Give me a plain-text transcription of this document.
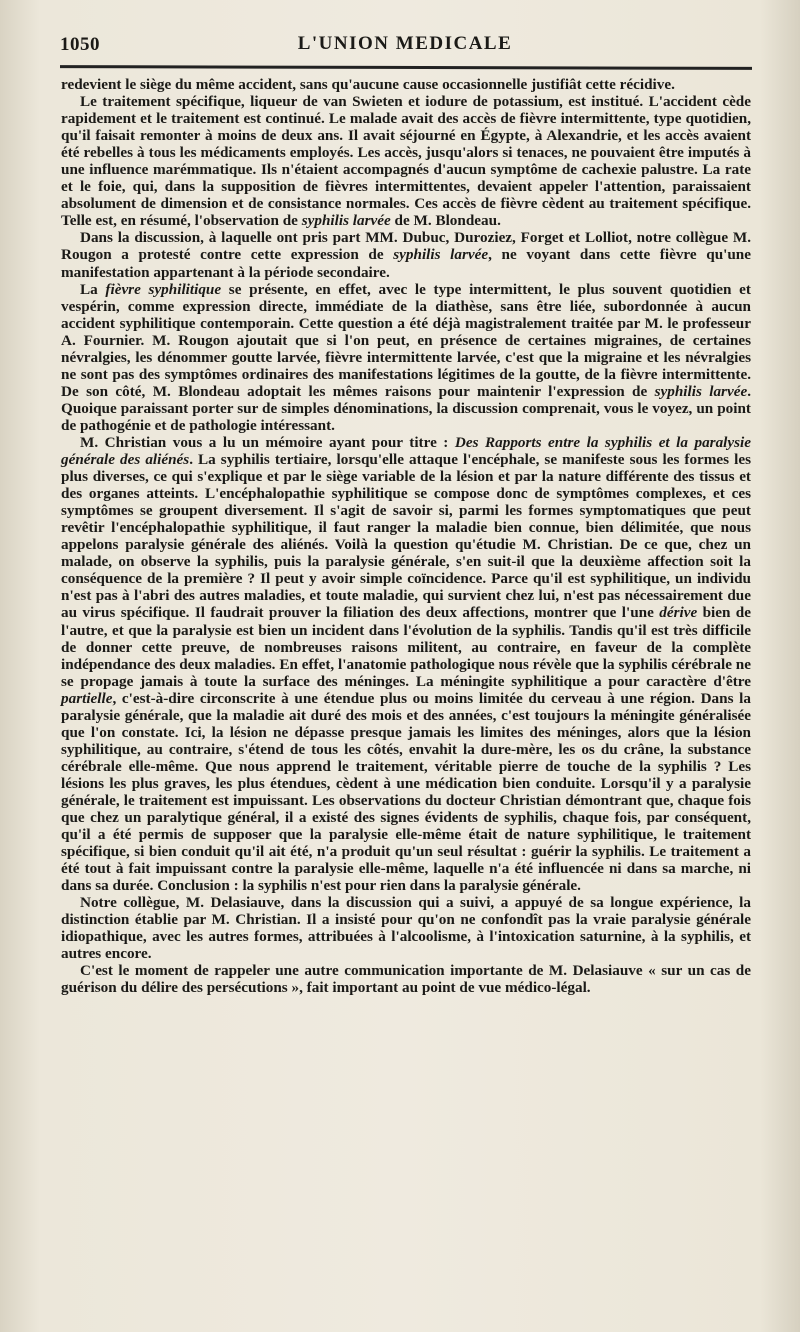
1050	L'UNION MEDICALE

redevient le siège du même accident, sans qu'aucune cause occasionnelle justifiât cette récidive.

Le traitement spécifique, liqueur de van Swieten et iodure de potassium, est institué. L'accident cède rapidement et le traitement est continué. Le malade avait des accès de fièvre intermittente, type quotidien, qu'il faisait remonter à moins de deux ans. Il avait séjourné en Égypte, à Alexandrie, et les accès avaient été rebelles à tous les médicaments employés. Les accès, jusqu'alors si tenaces, ne pouvaient être imputés à une influence marémmatique. Ils n'étaient accompagnés d'aucun symptôme de cachexie palustre. La rate et le foie, qui, dans la supposition de fièvres intermittentes, devaient appeler l'attention, paraissaient absolument de dimension et de consistance normales. Ces accès de fièvre cèdent au traitement spécifique. Telle est, en résumé, l'observation de syphilis larvée de M. Blondeau.

Dans la discussion, à laquelle ont pris part MM. Dubuc, Duroziez, Forget et Lolliot, notre collègue M. Rougon a protesté contre cette expression de syphilis larvée, ne voyant dans cette fièvre qu'une manifestation appartenant à la période secondaire.

La fièvre syphilitique se présente, en effet, avec le type intermittent, le plus souvent quotidien et vespérin, comme expression directe, immédiate de la diathèse, sans être liée, subordonnée à aucun accident syphilitique contemporain. Cette question a été déjà magistralement traitée par M. le professeur A. Fournier. M. Rougon ajoutait que si l'on peut, en présence de certaines migraines, de certaines névralgies, les dénommer goutte larvée, fièvre intermittente larvée, c'est que la migraine et les névralgies ne sont pas des symptômes ordinaires des manifestations légitimes de la goutte, de la fièvre intermittente. De son côté, M. Blondeau adoptait les mêmes raisons pour maintenir l'expression de syphilis larvée. Quoique paraissant porter sur de simples dénominations, la discussion comprenait, vous le voyez, un point de pathogénie et de pathologie intéressant.

M. Christian vous a lu un mémoire ayant pour titre : Des Rapports entre la syphilis et la paralysie générale des aliénés. La syphilis tertiaire, lorsqu'elle attaque l'encéphale, se manifeste sous les formes les plus diverses, ce qui s'explique et par le siège variable de la lésion et par la nature différente des tissus et des organes atteints. L'encéphalopathie syphilitique se compose donc de symptômes complexes, et ces symptômes se groupent diversement. Il s'agit de savoir si, parmi les formes symptomatiques que peut revêtir l'encéphalopathie syphilitique, il faut ranger la maladie bien connue, bien délimitée, que nous appelons paralysie générale des aliénés. Voilà la question qu'étudie M. Christian. De ce que, chez un malade, on observe la syphilis, puis la paralysie générale, s'en suit-il que la deuxième affection soit la conséquence de la première ? Il peut y avoir simple coïncidence. Parce qu'il est syphilitique, un individu n'est pas à l'abri des autres maladies, et toute maladie, qui survient chez lui, n'est pas nécessairement due au virus spécifique. Il faudrait prouver la filiation des deux affections, montrer que l'une dérive bien de l'autre, et que la paralysie est bien un incident dans l'évolution de la syphilis. Tandis qu'il est très difficile de donner cette preuve, de nombreuses raisons militent, au contraire, en faveur de la complète indépendance des deux maladies. En effet, l'anatomie pathologique nous révèle que la syphilis cérébrale ne se propage jamais à toute la surface des méninges. La méningite syphilitique a pour caractère d'être partielle, c'est-à-dire circonscrite à une étendue plus ou moins limitée du cerveau à une région. Dans la paralysie générale, que la maladie ait duré des mois et des années, c'est toujours la méningite généralisée que l'on constate. Ici, la lésion ne dépasse presque jamais les limites des méninges, alors que la lésion syphilitique, au contraire, s'étend de tous les côtés, envahit la dure-mère, les os du crâne, la substance cérébrale elle-même. Que nous apprend le traitement, véritable pierre de touche de la syphilis ? Les lésions les plus graves, les plus étendues, cèdent à une médication bien conduite. Lorsqu'il y a paralysie générale, le traitement est impuissant. Les observations du docteur Christian démontrant que, chaque fois que chez un paralytique général, il a existé des signes évidents de syphilis, chaque fois, par conséquent, qu'il a été permis de supposer que la paralysie elle-même était de nature syphilitique, le traitement spécifique, si bien conduit qu'il ait été, n'a produit qu'un seul résultat : guérir la syphilis. Le traitement a été tout à fait impuissant contre la paralysie elle-même, laquelle n'a été influencée ni dans sa marche, ni dans sa durée. Conclusion : la syphilis n'est pour rien dans la paralysie générale.

Notre collègue, M. Delasiauve, dans la discussion qui a suivi, a appuyé de sa longue expérience, la distinction établie par M. Christian. Il a insisté pour qu'on ne confondît pas la vraie paralysie générale idiopathique, avec les autres formes, attribuées à l'alcoolisme, à l'intoxication saturnine, à la syphilis, et autres encore.

C'est le moment de rappeler une autre communication importante de M. Delasiauve « sur un cas de guérison du délire des persécutions », fait important au point de vue médico-légal.
